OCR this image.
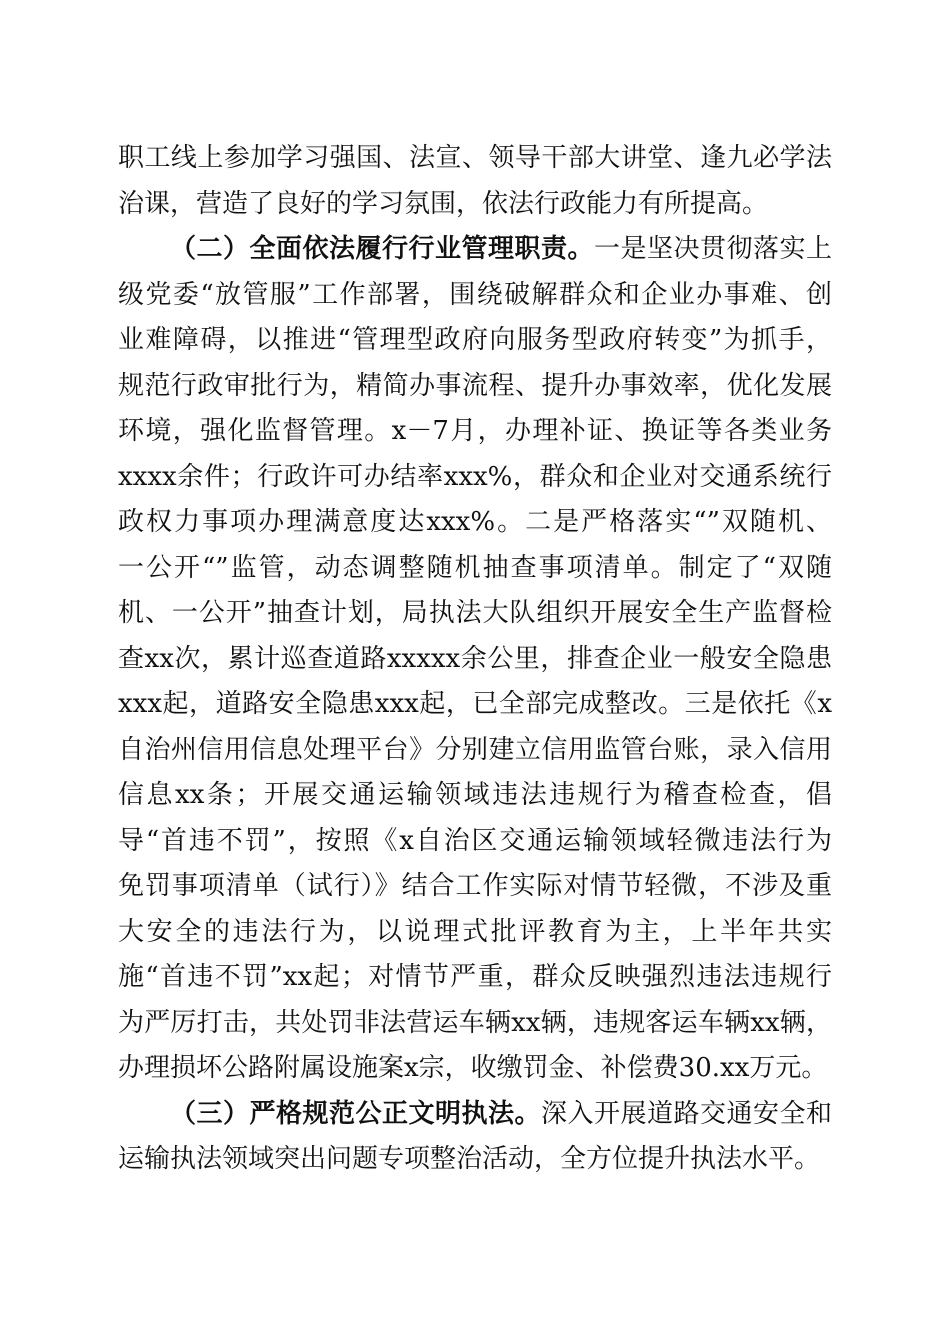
职工线上参加学习强国、法宣、领导干部大讲堂、逢九必学法
治课，营造了良好的学习氛围，依法行政能力有所提高。
（二）全面依法履行行业管理职责。一是坚决贯彻落实上
级党委“放管服”工作部署，围绕破解群众和企业办事难、创
业难障碍，以推进“管理型政府向服务型政府转变”为抓手，
规范行政审批行为，精简办事流程、提升办事效率，优化发展
环境，强化监督管理。x－7月，办理补证、换证等各类业务
xxxx余件；行政许可办结率xxx%，群众和企业对交通系统行
政权力事项办理满意度达xxx%。二是严格落实“”双随机、
一公开“”监管，动态调整随机抽查事项清单。制定了“双随
机、一公开”抽查计划，局执法大队组织开展安全生产监督检
查xx次，累计巡查道路xxxxx余公里，排查企业一般安全隐患
xxx起，道路安全隐患xxx起，已全部完成整改。三是依托《x
自治州信用信息处理平台》分别建立信用监管台账，录入信用
信息xx条；开展交通运输领域违法违规行为稽查检查，倡
导“首违不罚”，按照《x自治区交通运输领域轻微违法行为
免罚事项清单（试行）》结合工作实际对情节轻微，不涉及重
大安全的违法行为，以说理式批评教育为主，上半年共实
施“首违不罚”xx起；对情节严重，群众反映强烈违法违规行
为严厉打击，共处罚非法营运车辆xx辆，违规客运车辆xx辆，
办理损坏公路附属设施案x宗，收缴罚金、补偿费30.xx万元。
（三）严格规范公正文明执法。深入开展道路交通安全和
运输执法领域突出问题专项整治活动，全方位提升执法水平。
